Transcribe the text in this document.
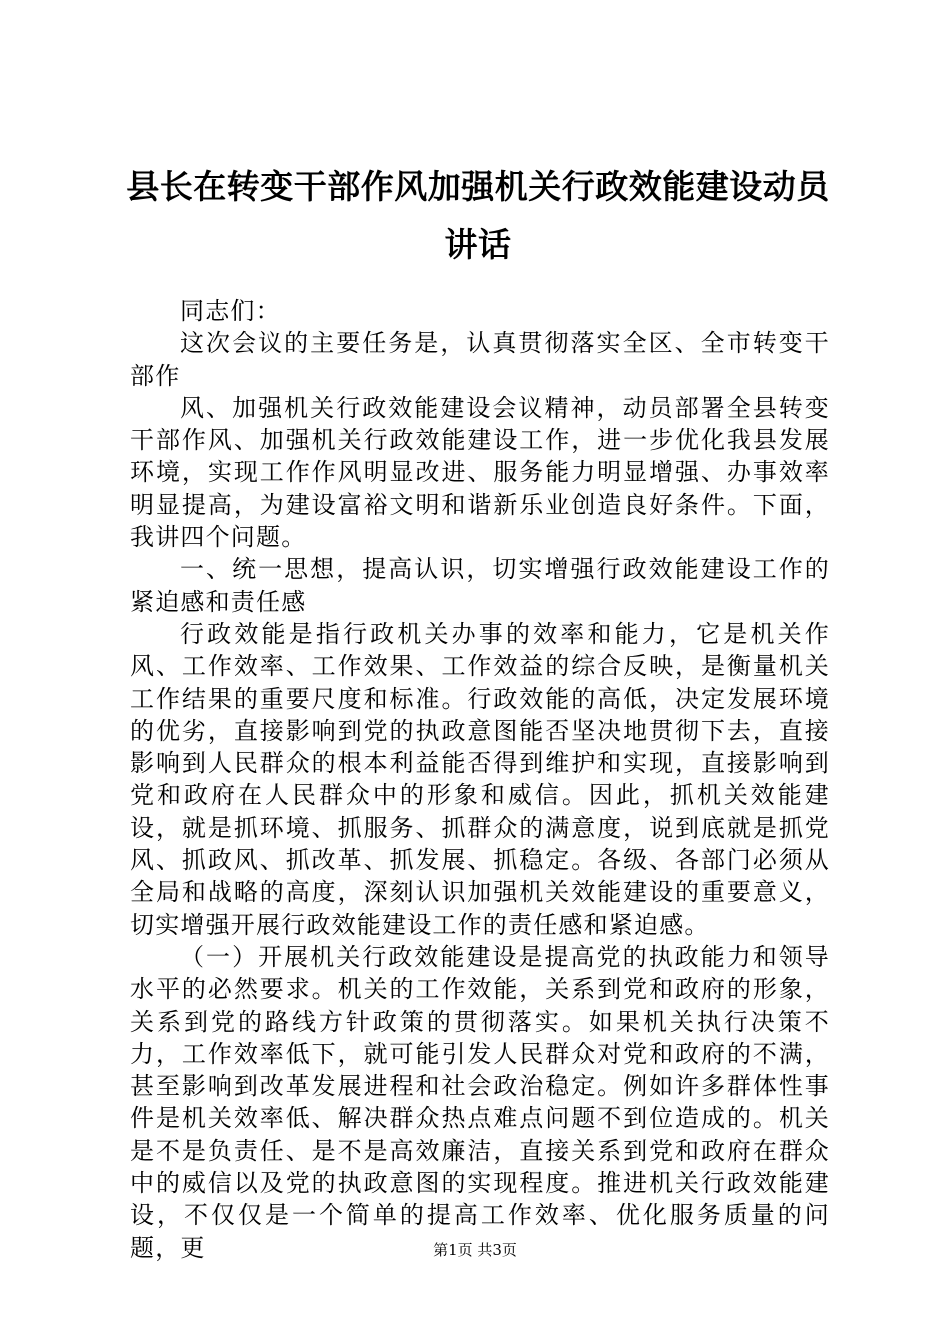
县长在转变干部作风加强机关行政效能建设动员讲话

同志们：

这次会议的主要任务是，认真贯彻落实全区、全市转变干部作

风、加强机关行政效能建设会议精神，动员部署全县转变干部作风、加强机关行政效能建设工作，进一步优化我县发展环境，实现工作作风明显改进、服务能力明显增强、办事效率明显提高，为建设富裕文明和谐新乐业创造良好条件。下面，我讲四个问题。

一、统一思想，提高认识，切实增强行政效能建设工作的紧迫感和责任感

行政效能是指行政机关办事的效率和能力，它是机关作风、工作效率、工作效果、工作效益的综合反映，是衡量机关工作结果的重要尺度和标准。行政效能的高低，决定发展环境的优劣，直接影响到党的执政意图能否坚决地贯彻下去，直接影响到人民群众的根本利益能否得到维护和实现，直接影响到党和政府在人民群众中的形象和威信。因此，抓机关效能建设，就是抓环境、抓服务、抓群众的满意度，说到底就是抓党风、抓政风、抓改革、抓发展、抓稳定。各级、各部门必须从全局和战略的高度，深刻认识加强机关效能建设的重要意义，切实增强开展行政效能建设工作的责任感和紧迫感。

（一）开展机关行政效能建设是提高党的执政能力和领导水平的必然要求。机关的工作效能，关系到党和政府的形象，关系到党的路线方针政策的贯彻落实。如果机关执行决策不力，工作效率低下，就可能引发人民群众对党和政府的不满，甚至影响到改革发展进程和社会政治稳定。例如许多群体性事件是机关效率低、解决群众热点难点问题不到位造成的。机关是不是负责任、是不是高效廉洁，直接关系到党和政府在群众中的威信以及党的执政意图的实现程度。推进机关行政效能建设，不仅仅是一个简单的提高工作效率、优化服务质量的问题，更	第1页 共3页
